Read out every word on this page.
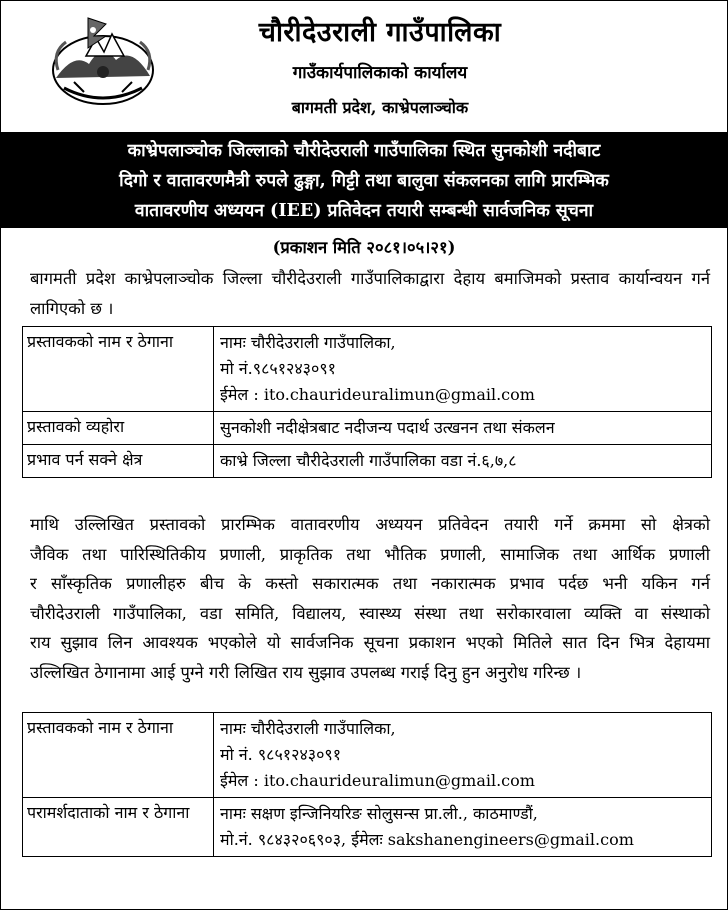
चौरीदेउराली गाउँपालिका
गाउँकार्यपालिकाको कार्यालय
बागमती प्रदेश, काभ्रेपलाञ्चोक
काभ्रेपलाञ्चोक जिल्लाको चौरीदेउराली गाउँपालिका स्थित सुनकोशी नदीबाट
दिगो र वातावरणमैत्री रुपले ढुङ्गा, गिट्टी तथा बालुवा संकलनका लागि प्रारम्भिक
वातावरणीय अध्ययन (IEE) प्रतिवेदन तयारी सम्बन्धी सार्वजनिक सूचना
(प्रकाशन मिति २०८१।०५।२१)
बागमती प्रदेश काभ्रेपलाञ्चोक जिल्ला चौरीदेउराली गाउँपालिकाद्वारा देहाय बमाजिमको प्रस्ताव कार्यान्वयन गर्न लागिएको छ ।
प्रस्तावकको नाम र ठेगाना	नामः चौरीदेउराली गाउँपालिका,
मो नं.९८५१२४३०९१
ईमेल : ito.chaurideuralimun@gmail.com

प्रस्तावको व्यहोरा	सुनकोशी नदीक्षेत्रबाट नदीजन्य पदार्थ उत्खनन तथा संकलन

प्रभाव पर्न सक्ने क्षेत्र	काभ्रे जिल्ला चौरीदेउराली गाउँपालिका वडा नं.६,७,८
माथि उल्लिखित प्रस्तावको प्रारम्भिक वातावरणीय अध्ययन प्रतिवेदन तयारी गर्ने क्रममा सो क्षेत्रको
जैविक तथा पारिस्थितिकीय प्रणाली, प्राकृतिक तथा भौतिक प्रणाली, सामाजिक तथा आर्थिक प्रणाली
र साँस्कृतिक प्रणालीहरु बीच के कस्तो सकारात्मक तथा नकारात्मक प्रभाव पर्दछ भनी यकिन गर्न
चौरीदेउराली गाउँपालिका, वडा समिति, विद्यालय, स्वास्थ्य संस्था तथा सरोकारवाला व्यक्ति वा संस्थाको
राय सुझाव लिन आवश्यक भएकोले यो सार्वजनिक सूचना प्रकाशन भएको मितिले सात दिन भित्र देहायमा
उल्लिखित ठेगानामा आई पुग्ने गरी लिखित राय सुझाव उपलब्ध गराई दिनु हुन अनुरोध गरिन्छ ।
प्रस्तावकको नाम र ठेगाना	नामः चौरीदेउराली गाउँपालिका,
मो नं. ९८५१२४३०९१
ईमेल : ito.chaurideuralimun@gmail.com

परामर्शदाताको नाम र ठेगाना	नामः सक्षण इन्जिनियरिङ सोलुसन्स प्रा.ली., काठमाण्डौं,
मो.नं. ९८४३२०६९०३, ईमेलः sakshanengineers@gmail.com
